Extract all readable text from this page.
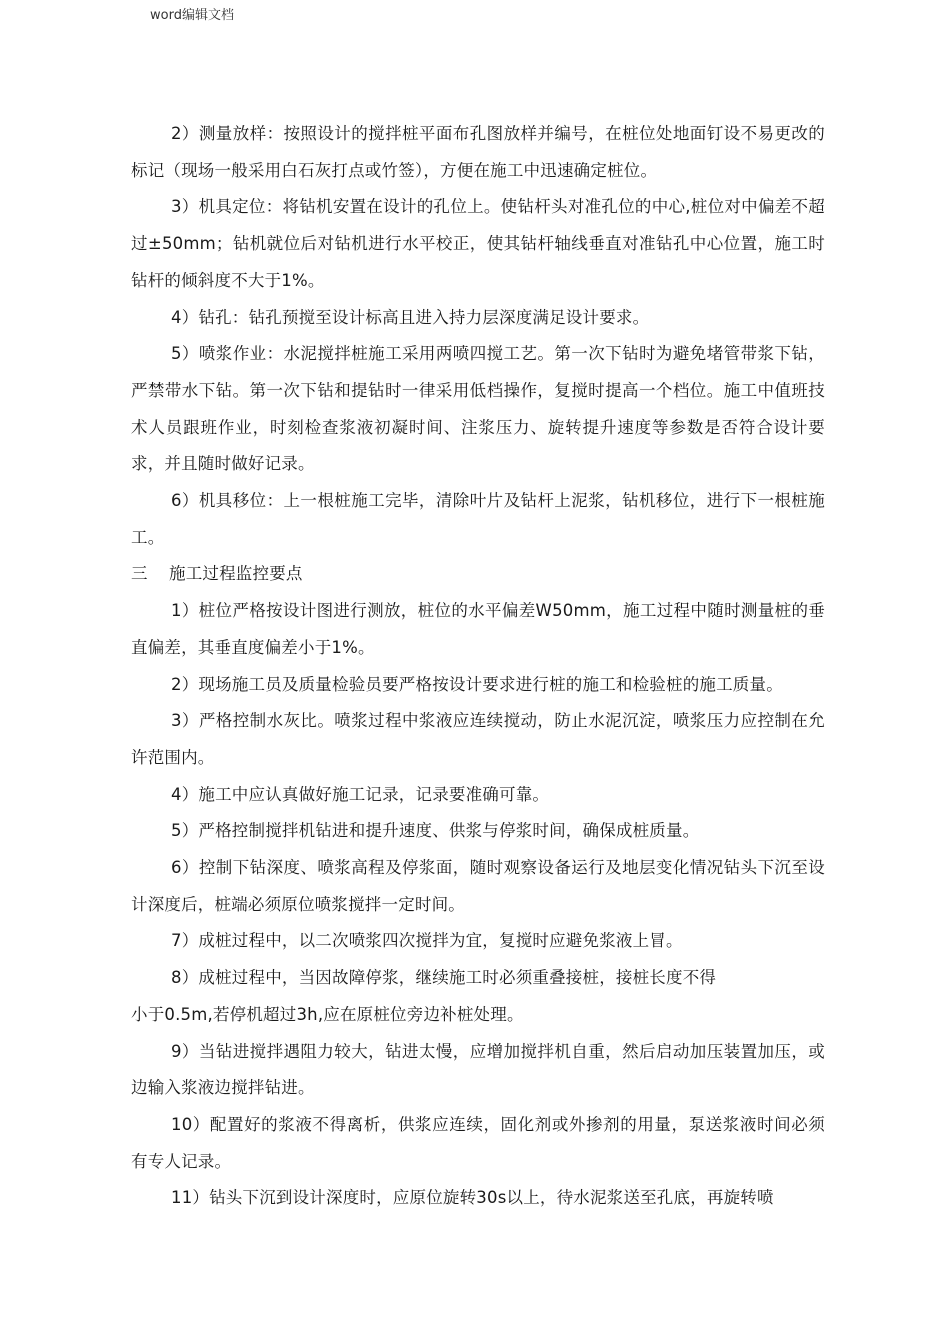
word编辑文档

2）测量放样：按照设计的搅拌桩平面布孔图放样并编号，在桩位处地面钉设不易更改的标记（现场一般采用白石灰打点或竹签），方便在施工中迅速确定桩位。

3）机具定位：将钻机安置在设计的孔位上。使钻杆头对准孔位的中心,桩位对中偏差不超过±50mm；钻机就位后对钻机进行水平校正，使其钻杆轴线垂直对准钻孔中心位置，施工时钻杆的倾斜度不大于1%。

4）钻孔：钻孔预搅至设计标高且进入持力层深度满足设计要求。

5）喷浆作业：水泥搅拌桩施工采用两喷四搅工艺。第一次下钻时为避免堵管带浆下钻，严禁带水下钻。第一次下钻和提钻时一律采用低档操作，复搅时提高一个档位。施工中值班技术人员跟班作业，时刻检查浆液初凝时间、注浆压力、旋转提升速度等参数是否符合设计要求，并且随时做好记录。

6）机具移位：上一根桩施工完毕，清除叶片及钻杆上泥浆，钻机移位，进行下一根桩施工。

三 施工过程监控要点

1）桩位严格按设计图进行测放，桩位的水平偏差W50mm，施工过程中随时测量桩的垂直偏差，其垂直度偏差小于1%。

2）现场施工员及质量检验员要严格按设计要求进行桩的施工和检验桩的施工质量。

3）严格控制水灰比。喷浆过程中浆液应连续搅动，防止水泥沉淀，喷浆压力应控制在允许范围内。

4）施工中应认真做好施工记录，记录要准确可靠。

5）严格控制搅拌机钻进和提升速度、供浆与停浆时间，确保成桩质量。

6）控制下钻深度、喷浆高程及停浆面，随时观察设备运行及地层变化情况钻头下沉至设计深度后，桩端必须原位喷浆搅拌一定时间。

7）成桩过程中，以二次喷浆四次搅拌为宜，复搅时应避免浆液上冒。

8）成桩过程中，当因故障停浆，继续施工时必须重叠接桩，接桩长度不得
小于0.5m,若停机超过3h,应在原桩位旁边补桩处理。

9）当钻进搅拌遇阻力较大，钻进太慢，应增加搅拌机自重，然后启动加压装置加压，或边输入浆液边搅拌钻进。

10）配置好的浆液不得离析，供浆应连续，固化剂或外掺剂的用量，泵送浆液时间必须有专人记录。

11）钻头下沉到设计深度时，应原位旋转30s以上，待水泥浆送至孔底，再旋转喷
